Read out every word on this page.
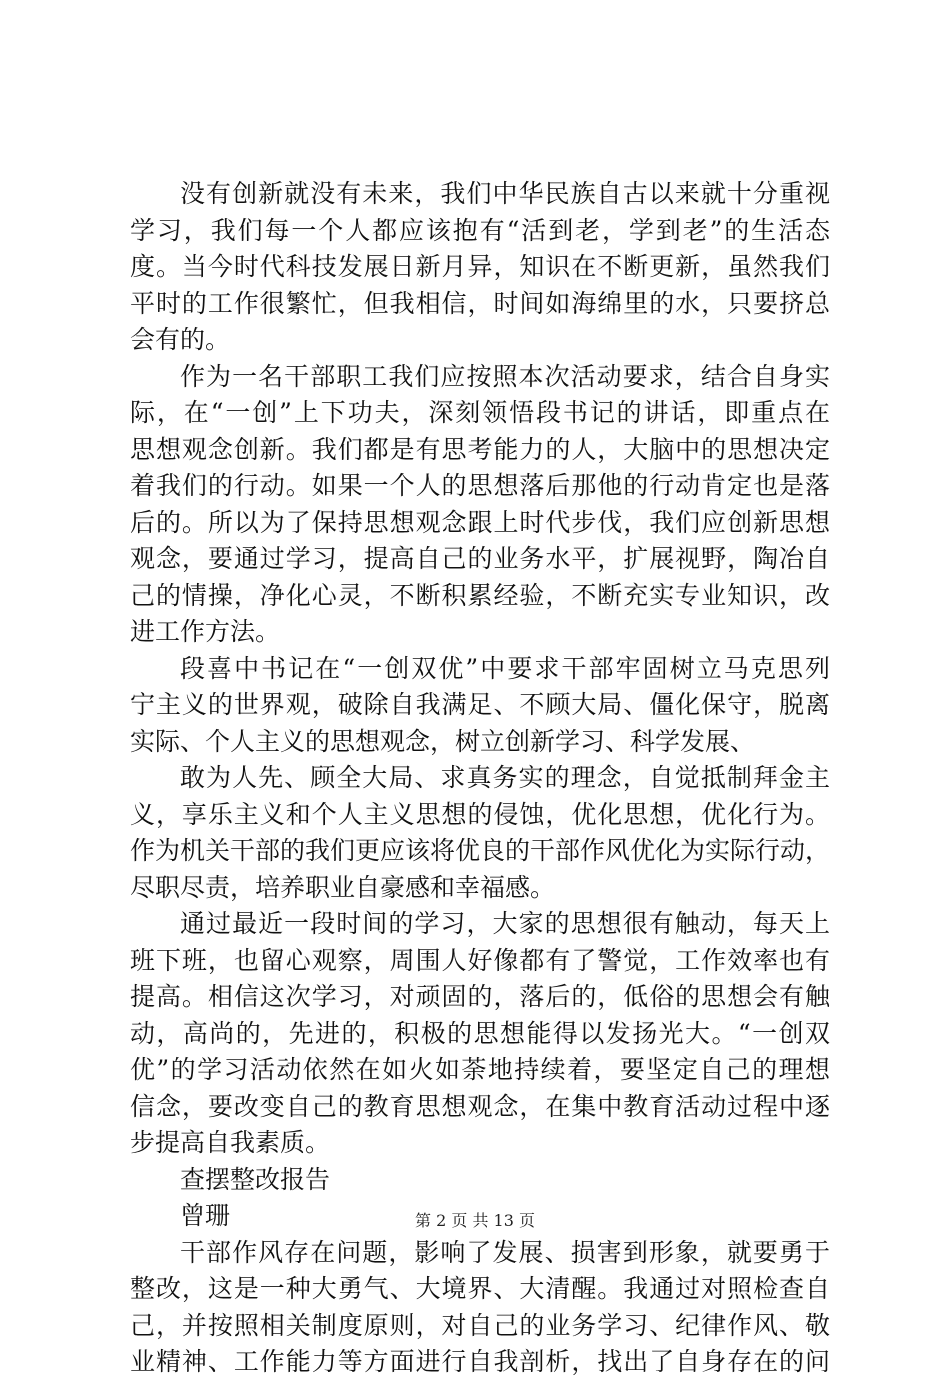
没有创新就没有未来，我们中华民族自古以来就十分重视
学习，我们每一个人都应该抱有“活到老，学到老”的生活态
度。当今时代科技发展日新月异，知识在不断更新，虽然我们
平时的工作很繁忙，但我相信，时间如海绵里的水，只要挤总
会有的。
作为一名干部职工我们应按照本次活动要求，结合自身实
际，在“一创”上下功夫，深刻领悟段书记的讲话，即重点在
思想观念创新。我们都是有思考能力的人，大脑中的思想决定
着我们的行动。如果一个人的思想落后那他的行动肯定也是落
后的。所以为了保持思想观念跟上时代步伐，我们应创新思想
观念，要通过学习，提高自己的业务水平，扩展视野，陶冶自
己的情操，净化心灵，不断积累经验，不断充实专业知识，改
进工作方法。
段喜中书记在“一创双优”中要求干部牢固树立马克思列
宁主义的世界观，破除自我满足、不顾大局、僵化保守，脱离
实际、个人主义的思想观念，树立创新学习、科学发展、
敢为人先、顾全大局、求真务实的理念，自觉抵制拜金主
义，享乐主义和个人主义思想的侵蚀，优化思想，优化行为。
作为机关干部的我们更应该将优良的干部作风优化为实际行动，
尽职尽责，培养职业自豪感和幸福感。
通过最近一段时间的学习，大家的思想很有触动，每天上
班下班，也留心观察，周围人好像都有了警觉，工作效率也有
提高。相信这次学习，对顽固的，落后的，低俗的思想会有触
动，高尚的，先进的，积极的思想能得以发扬光大。“一创双
优”的学习活动依然在如火如荼地持续着，要坚定自己的理想
信念，要改变自己的教育思想观念，在集中教育活动过程中逐
步提高自我素质。
查摆整改报告
曾珊
干部作风存在问题，影响了发展、损害到形象，就要勇于
整改，这是一种大勇气、大境界、大清醒。我通过对照检查自
己，并按照相关制度原则，对自己的业务学习、纪律作风、敬
业精神、工作能力等方面进行自我剖析，找出了自身存在的问
第 2 页 共 13 页
